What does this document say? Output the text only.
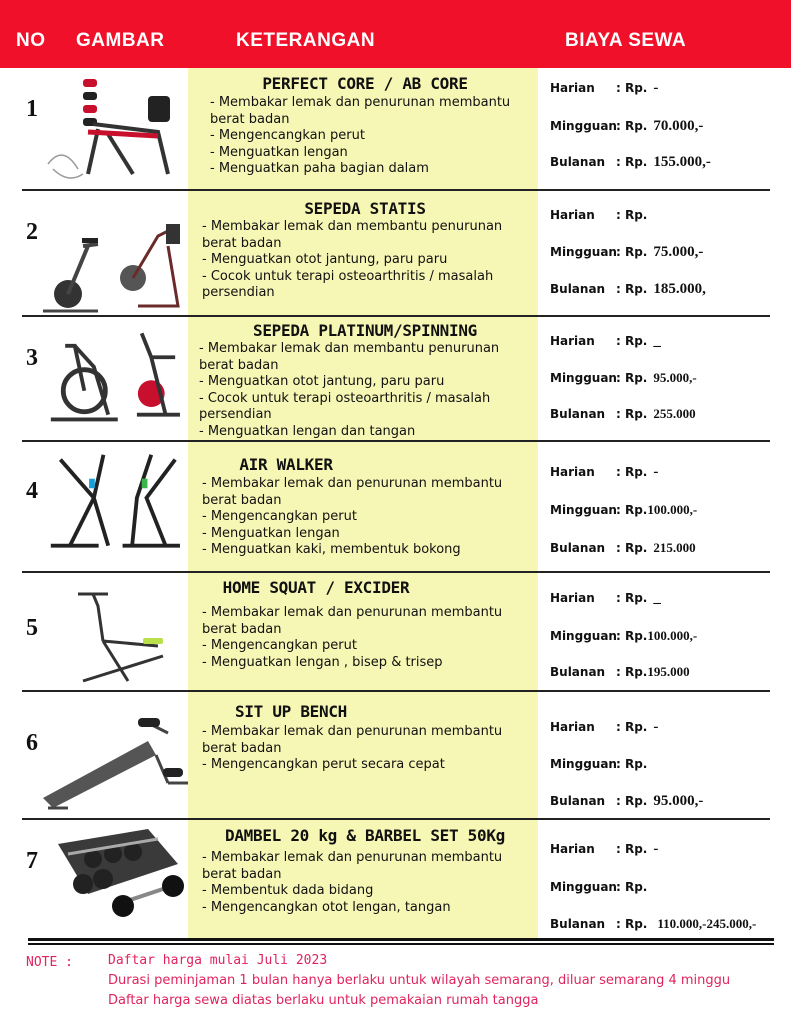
NO GAMBAR	KETERANGAN	BIAYA SEWA
1
PERFECT CORE / AB CORE
- Membakar lemak dan penurunan membantu berat badan
- Mengencangkan perut
- Menguatkan lengan
- Menguatkan paha bagian dalam
Harian : Rp. -
Mingguan: Rp. 70.000,-
Bulanan : Rp. 155.000,-
2
SEPEDA STATIS
- Membakar lemak dan membantu penurunan berat badan
- Menguatkan otot jantung, paru paru
- Cocok untuk terapi osteoarthritis / masalah persendian
Harian : Rp.
Mingguan: Rp. 75.000,-
Bulanan : Rp. 185.000,
3
SEPEDA PLATINUM/SPINNING
- Membakar lemak dan membantu penurunan berat badan
- Menguatkan otot jantung, paru paru
- Cocok untuk terapi osteoarthritis / masalah persendian
- Menguatkan lengan dan tangan
Harian : Rp. _
Mingguan: Rp. 95.000,-
Bulanan : Rp. 255.000
4
AIR WALKER
- Membakar lemak dan penurunan membantu berat badan
- Mengencangkan perut
- Menguatkan lengan
- Menguatkan kaki, membentuk bokong
Harian : Rp. -
Mingguan: Rp.100.000,-
Bulanan : Rp. 215.000
5
HOME SQUAT / EXCIDER
- Membakar lemak dan penurunan membantu berat badan
- Mengencangkan perut
- Menguatkan lengan , bisep & trisep
Harian : Rp. _
Mingguan: Rp.100.000,-
Bulanan : Rp.195.000
6
SIT UP BENCH
- Membakar lemak dan penurunan membantu berat badan
- Mengencangkan perut secara cepat
Harian : Rp. -
Mingguan: Rp.
Bulanan : Rp. 95.000,-
7
DAMBEL 20 kg & BARBEL SET 50Kg
- Membakar lemak dan penurunan membantu berat badan
- Membentuk dada bidang
- Mengencangkan otot lengan, tangan
Harian : Rp. -
Mingguan: Rp.
Bulanan : Rp. 110.000,-245.000,-
NOTE :	Daftar harga mulai Juli 2023
Durasi peminjaman 1 bulan hanya berlaku untuk wilayah semarang, diluar semarang 4 minggu
Daftar harga sewa diatas berlaku untuk pemakaian rumah tangga
